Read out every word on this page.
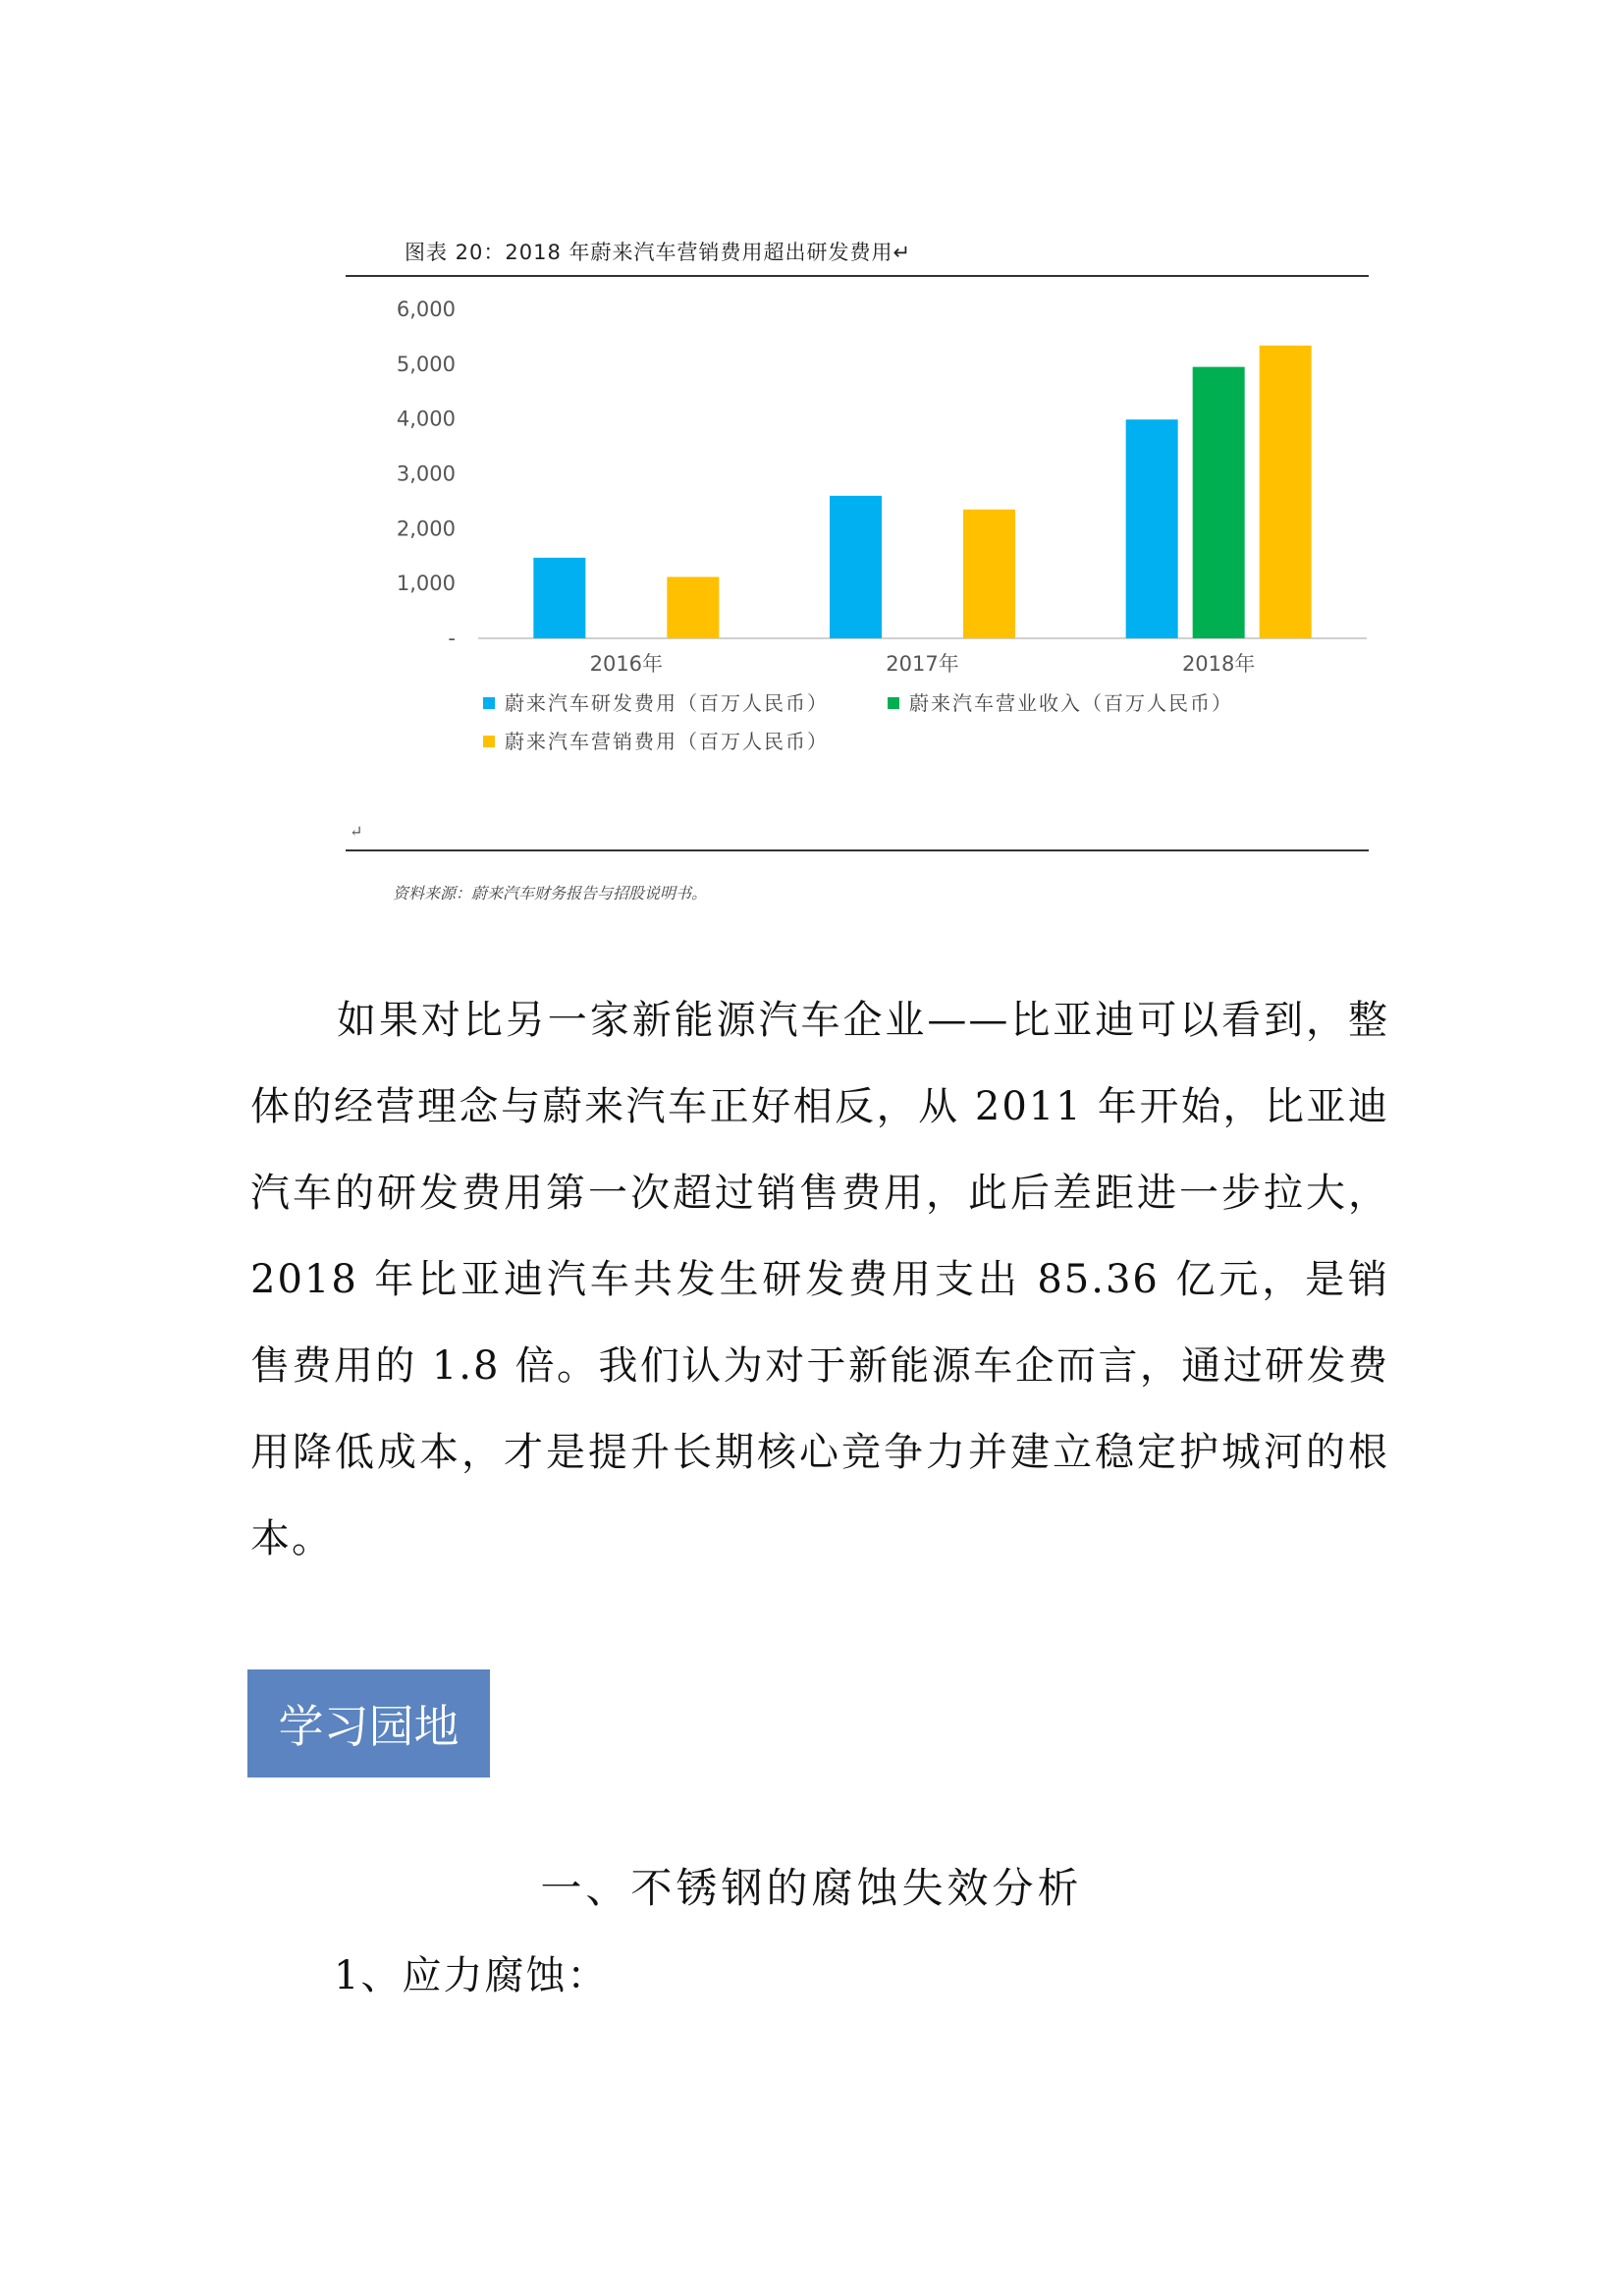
图表 20：2018 年蔚来汽车营销费用超出研发费用↵
-
1,000
2,000
3,000
4,000
5,000
6,000
2016年	2017年	2018年
蔚来汽车研发费用（百万人民币）	蔚来汽车营业收入（百万人民币）
蔚来汽车营销费用（百万人民币）
↵
资料来源：蔚来汽车财务报告与招股说明书。

如果对比另一家新能源汽车企业——比亚迪可以看到，整体的经营理念与蔚来汽车正好相反，从 2011 年开始，比亚迪汽车的研发费用第一次超过销售费用，此后差距进一步拉大，2018 年比亚迪汽车共发生研发费用支出 85.36 亿元，是销售费用的 1.8 倍。我们认为对于新能源车企而言，通过研发费用降低成本，才是提升长期核心竞争力并建立稳定护城河的根本。

学习园地
一、不锈钢的腐蚀失效分析
1、应力腐蚀：
